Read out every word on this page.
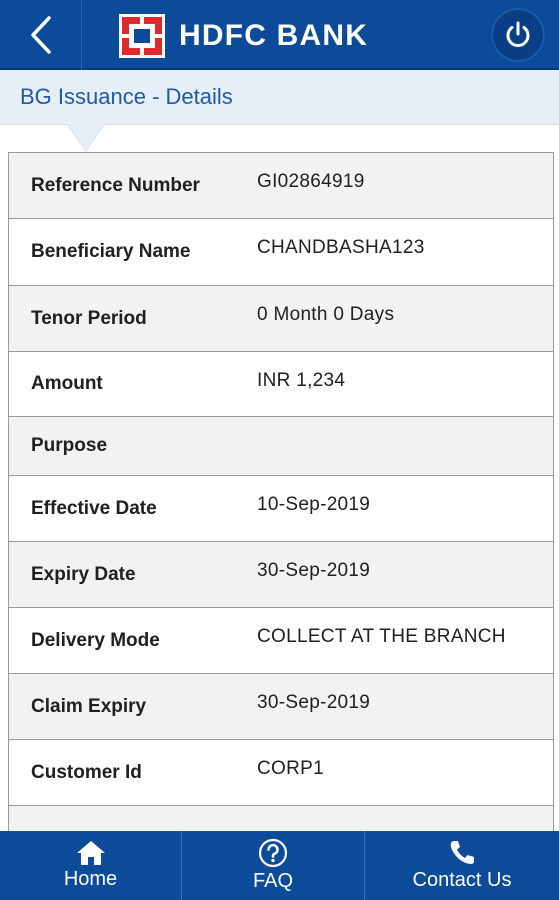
HDFC BANK
BG Issuance - Details
Reference Number	GI02864919
Beneficiary Name	CHANDBASHA123
Tenor Period	0 Month 0 Days
Amount	INR 1,234
Purpose
Effective Date	10-Sep-2019
Expiry Date	30-Sep-2019
Delivery Mode	COLLECT AT THE BRANCH
Claim Expiry	30-Sep-2019
Customer Id	CORP1
Home	FAQ	Contact Us
